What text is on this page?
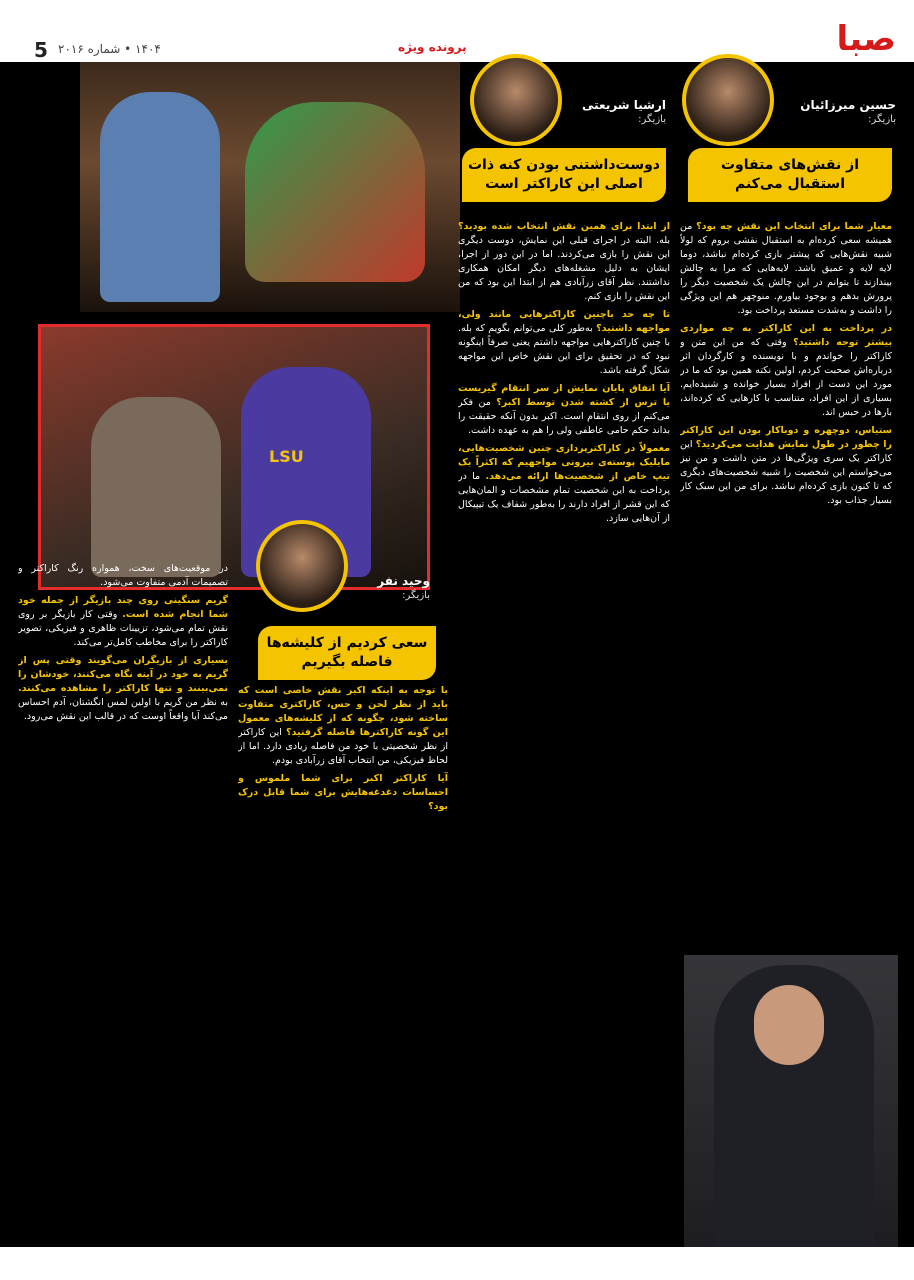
صبا
پرونده ویژه
۱۴۰۴ • شماره ۲۰۱۶
5
LSU
حسین میرزائیان
بازیگر:
از نقش‌های متفاوت استقبال می‌کنم

معیار شما برای انتخاب این نقش چه بود؟ من همیشه سعی کرده‌ام به استقبال نقشی بروم که لولاً شبیه نقش‌هایی که پیشتر بازی کرده‌ام نباشد، دوما لایه لایه و عمیق باشد. لایه‌هایی که مرا به چالش بیندازند تا بتوانم در این چالش یک شخصیت دیگر را پرورش بدهم و بوجود بیاورم. منوچهر هم این ویژگی را داشت و به‌شدت مستعد پرداخت بود.

در پرداخت به این کاراکتر به چه مواردی بیشتر توجه داشتید؟ وقتی که من این متن و کاراکتر را خواندم و با نویسنده و کارگردان اثر درباره‌اش صحبت کردم، اولین نکته همین بود که ما در مورد این دست از افراد بسیار خوانده و شنیده‌ایم. بسیاری از این افراد، متناسب با کارهایی که کرده‌اند، بارها در حبس اند.

ستیاس، دوچهره و دوباکار بودن این کاراکتر را چطور در طول نمایش هدایت می‌کردید؟ این کاراکتر یک سری ویژگی‌ها در متن داشت و من نیز می‌خواستم این شخصیت را شبیه شخصیت‌های دیگری که تا کنون بازی کرده‌ام نباشد. برای من این سبک کار بسیار جذاب بود.

ارشیا شریعتی
بازیگر:
دوست‌داشتنی بودن کنه ذات اصلی این کاراکتر است

از ابتدا برای همین نقش انتخاب شده بودید؟ بله. البته در اجرای قبلی این نمایش، دوست دیگری این نقش را بازی می‌کردند. اما در این دور از اجرا، ایشان به دلیل مشغله‌های دیگر امکان همکاری نداشتند. نظر آقای زرآبادی هم از ابتدا این بود که من این نقش را بازی کنم.

تا چه حد باچنین کاراکترهایی مانند ولی، مواجهه داشتید؟ به‌طور کلی می‌توانم بگویم که بله. با چنین کاراکترهایی مواجهه داشتم یعنی صرفاً اینگونه نبود که در تحقیق برای این نقش خاص این مواجهه شکل گرفته باشد.

آیا اتفاق پایان نمایش از سر انتقام گیریست یا ترس از کشته شدن توسط اکبر؟ من فکر می‌کنم از روی انتقام است. اکبر بدون آنکه حقیقت را بداند حکم حامی عاطفی ولی را هم به عهده داشت.

معمولاً در کاراکترپردازی چنین شخصیت‌هایی، مایلیک پوسته‌ی بیرونی مواجهیم که اکثراً یک تیپ خاص از شخصیت‌ها ارائه می‌دهد. ما در پرداخت به این شخصیت تمام مشخصات و المان‌هایی که این قشر از افراد دارند را به‌طور شفاف یک تیپیکال از آن‌هایی سازد.

وحید نفر
بازیگر:
سعی کردیم از کلیشه‌ها فاصله بگیریم

با توجه به اینکه اکبر نقش خاصی است که باید از نظر لحن و حس، کاراکتری متفاوت ساخته شود، چگونه که از کلیشه‌های معمول این گونه کاراکترها فاصله گرفتید؟ این کاراکتر از نظر شخصیتی با خود من فاصله زیادی دارد. اما از لحاظ فیزیکی، من انتخاب آقای زرآبادی بودم.

آیا کاراکتر اکبر برای شما ملموس و احساسات دغدغه‌هایش برای شما قابل درک بود؟

در موقعیت‌های سخت، همواره رنگ کاراکتر و تصمیمات آدمی متفاوت می‌شود.

گریم سنگینی روی چند بازیگر از جمله خود شما انجام شده است. وقتی کار بازیگر بر روی نقش تمام می‌شود، تزیینات ظاهری و فیزیکی، تصویر کاراکتر را برای مخاطب کامل‌تر می‌کند.

بسیاری از بازیگران می‌گویند وقتی پس از گریم به خود در آینه نگاه می‌کنند، خودشان را نمی‌بینند و تنها کاراکتر را مشاهده می‌کنند. به نظر من گریم با اولین لمس انگشتان، آدم احساس می‌کند آیا واقعاً اوست که در قالب این نقش می‌رود.
